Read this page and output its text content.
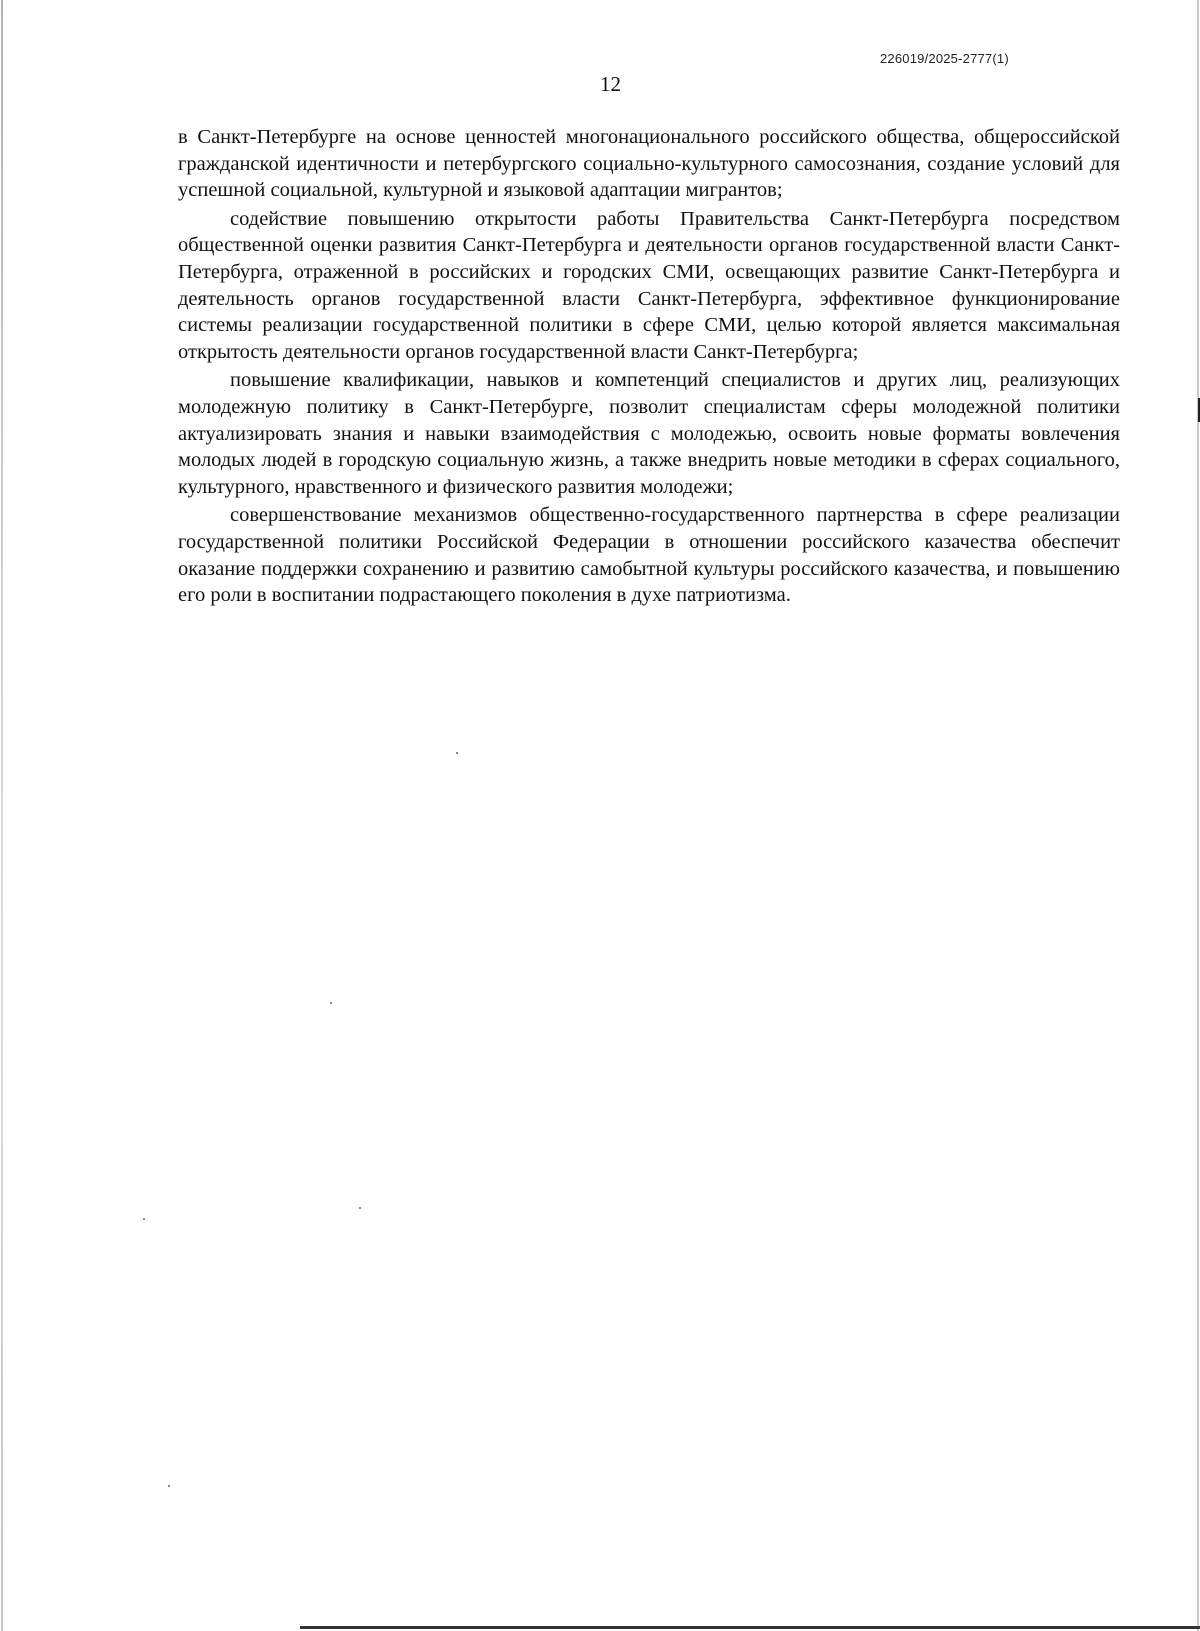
226019/2025-2777(1)
12

в Санкт-Петербурге на основе ценностей многонационального российского общества, общероссийской гражданской идентичности и петербургского социально-культурного самосознания, создание условий для успешной социальной, культурной и языковой адаптации мигрантов;

содействие повышению открытости работы Правительства Санкт-Петербурга посредством общественной оценки развития Санкт-Петербурга и деятельности органов государственной власти Санкт-Петербурга, отраженной в российских и городских СМИ, освещающих развитие Санкт-Петербурга и деятельность органов государственной власти Санкт-Петербурга, эффективное функционирование системы реализации государственной политики в сфере СМИ, целью которой является максимальная открытость деятельности органов государственной власти Санкт-Петербурга;

повышение квалификации, навыков и компетенций специалистов и других лиц, реализующих молодежную политику в Санкт-Петербурге, позволит специалистам сферы молодежной политики актуализировать знания и навыки взаимодействия с молодежью, освоить новые форматы вовлечения молодых людей в городскую социальную жизнь, а также внедрить новые методики в сферах социального, культурного, нравственного и физического развития молодежи;

совершенствование механизмов общественно-государственного партнерства в сфере реализации государственной политики Российской Федерации в отношении российского казачества обеспечит оказание поддержки сохранению и развитию самобытной культуры российского казачества, и повышению его роли в воспитании подрастающего поколения в духе патриотизма.
